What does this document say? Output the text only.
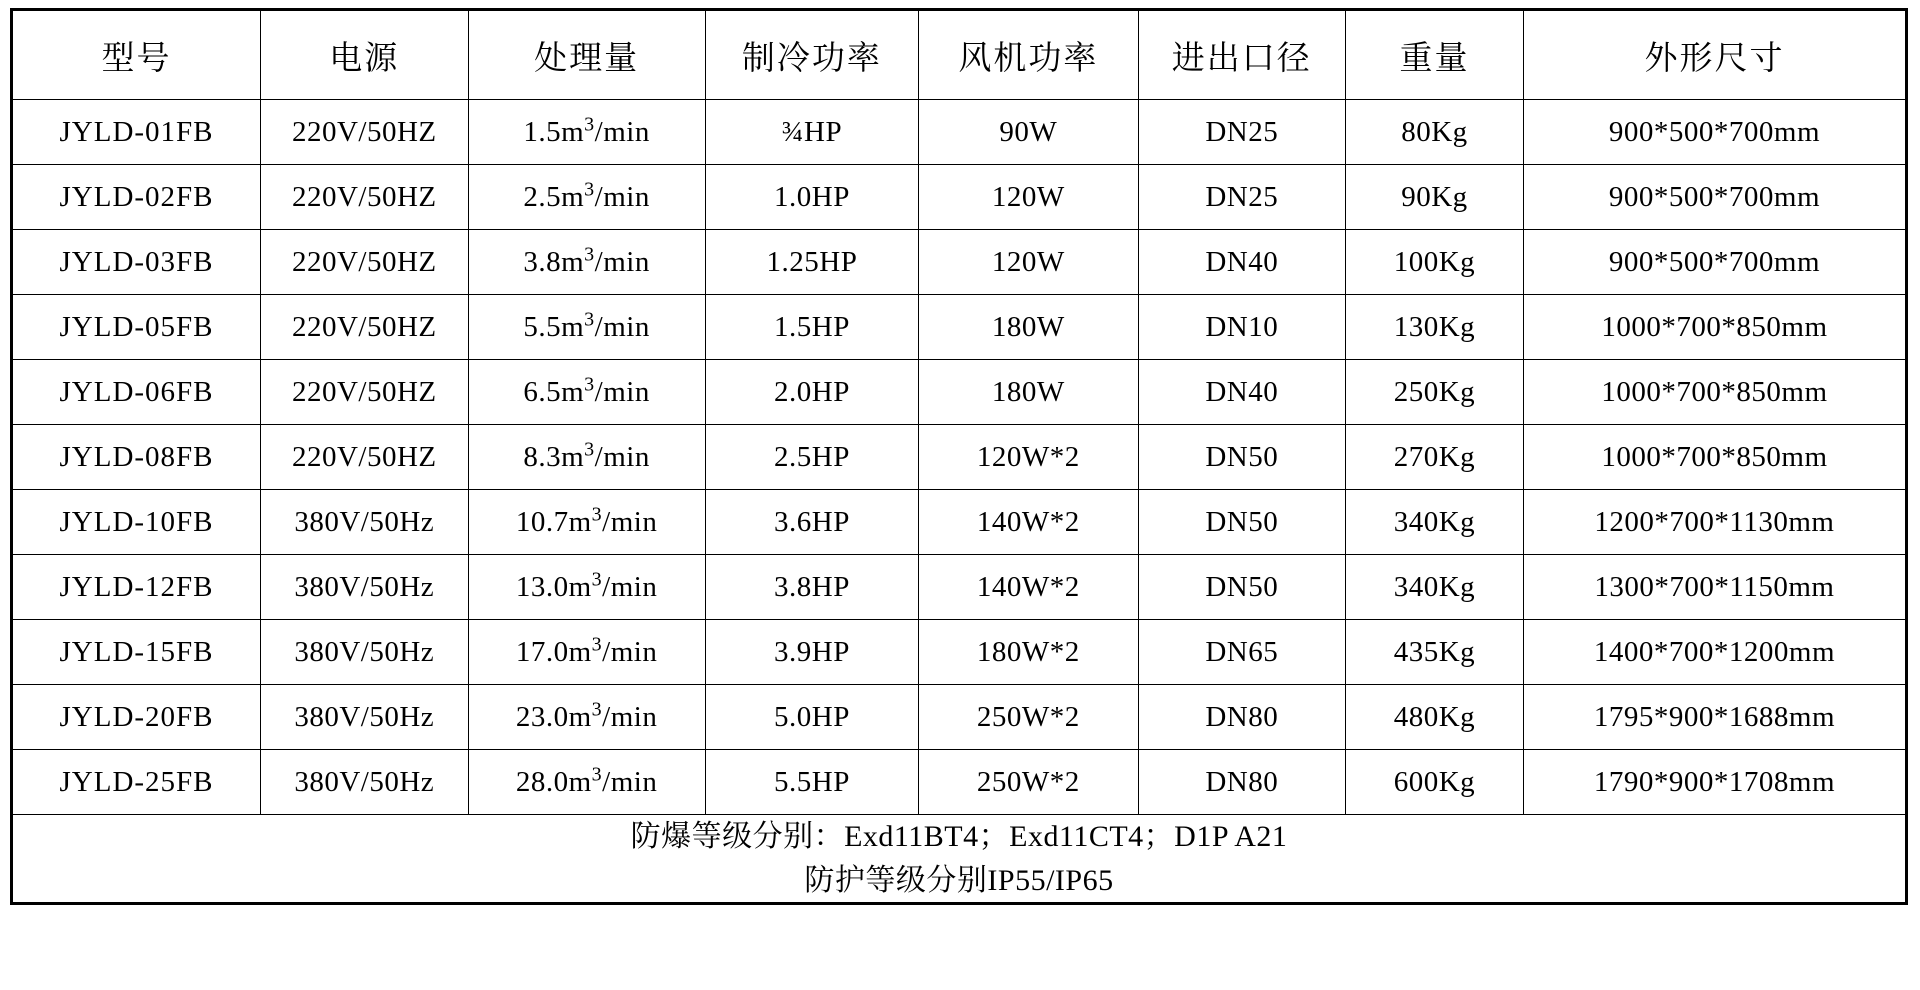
型号	电源	处理量	制冷功率	风机功率	进出口径	重量	外形尺寸
JYLD-01FB	220V/50HZ	$1.5m^3/\min$	¾HP	90W	DN25	80Kg	900*500*700mm
JYLD-02FB	220V/50HZ	$2.5m^3/\min$	1.0HP	120W	DN25	90Kg	900*500*700mm
JYLD-03FB	220V/50HZ	$3.8m^3/\min$	1.25HP	120W	DN40	100Kg	900*500*700mm
JYLD-05FB	220V/50HZ	$5.5m^3/\min$	1.5HP	180W	DN10	130Kg	1000*700*850mm
JYLD-06FB	220V/50HZ	$6.5m^3/\min$	2.0HP	180W	DN40	250Kg	1000*700*850mm
JYLD-08FB	220V/50HZ	$8.3m^3/\min$	2.5HP	120W*2	DN50	270Kg	1000*700*850mm
JYLD-10FB	380V/50Hz	$10.7m^3/\min$	3.6HP	140W*2	DN50	340Kg	1200*700*1130mm
JYLD-12FB	380V/50Hz	$13.0m^3/\min$	3.8HP	140W*2	DN50	340Kg	1300*700*1150mm
JYLD-15FB	380V/50Hz	$17.0m^3/\min$	3.9HP	180W*2	DN65	435Kg	1400*700*1200mm
JYLD-20FB	380V/50Hz	$23.0m^3/\min$	5.0HP	250W*2	DN80	480Kg	1795*900*1688mm
JYLD-25FB	380V/50Hz	$28.0m^3/\min$	5.5HP	250W*2	DN80	600Kg	1790*900*1708mm

防爆等级分别：Exd11BT4；Exd11CT4；D1P A21
防护等级分别IP55/IP65							
